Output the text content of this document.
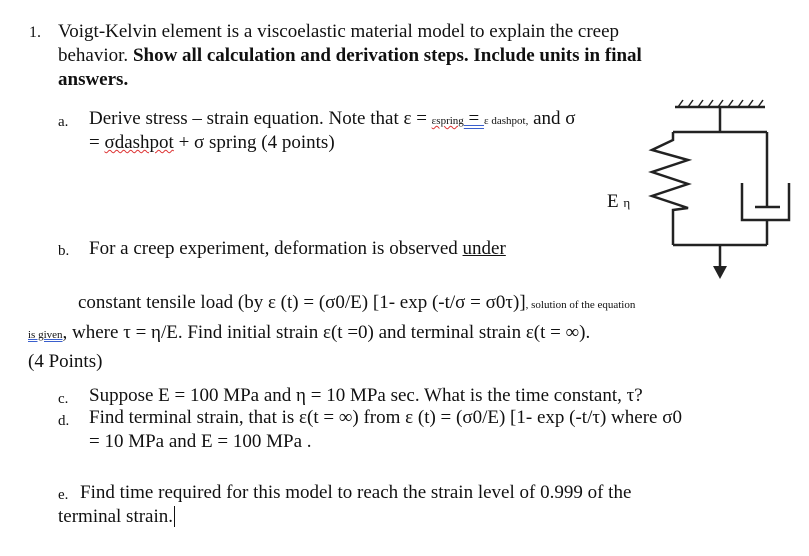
1. Voigt-Kelvin element is a viscoelastic material model to explain the creep
behavior. Show all calculation and derivation steps. Include units in final
answers.
a. Derive stress – strain equation. Note that ε = εspring = ε dashpot, and σ
= σdashpot + σ spring (4 points)
E η
b. For a creep experiment, deformation is observed under
constant tensile load (by ε (t) = (σ0/E) [1- exp (-t/σ = σ0τ)], solution of the equation
is given, where τ = η/E. Find initial strain ε(t =0) and terminal strain ε(t = ∞).
(4 Points)
c. Suppose E = 100 MPa and η = 10 MPa sec. What is the time constant, τ?
d. Find terminal strain, that is ε(t = ∞) from ε (t) = (σ0/E) [1- exp (-t/τ) where σ0
= 10 MPa and E = 100 MPa .
e. Find time required for this model to reach the strain level of 0.999 of the
terminal strain.
